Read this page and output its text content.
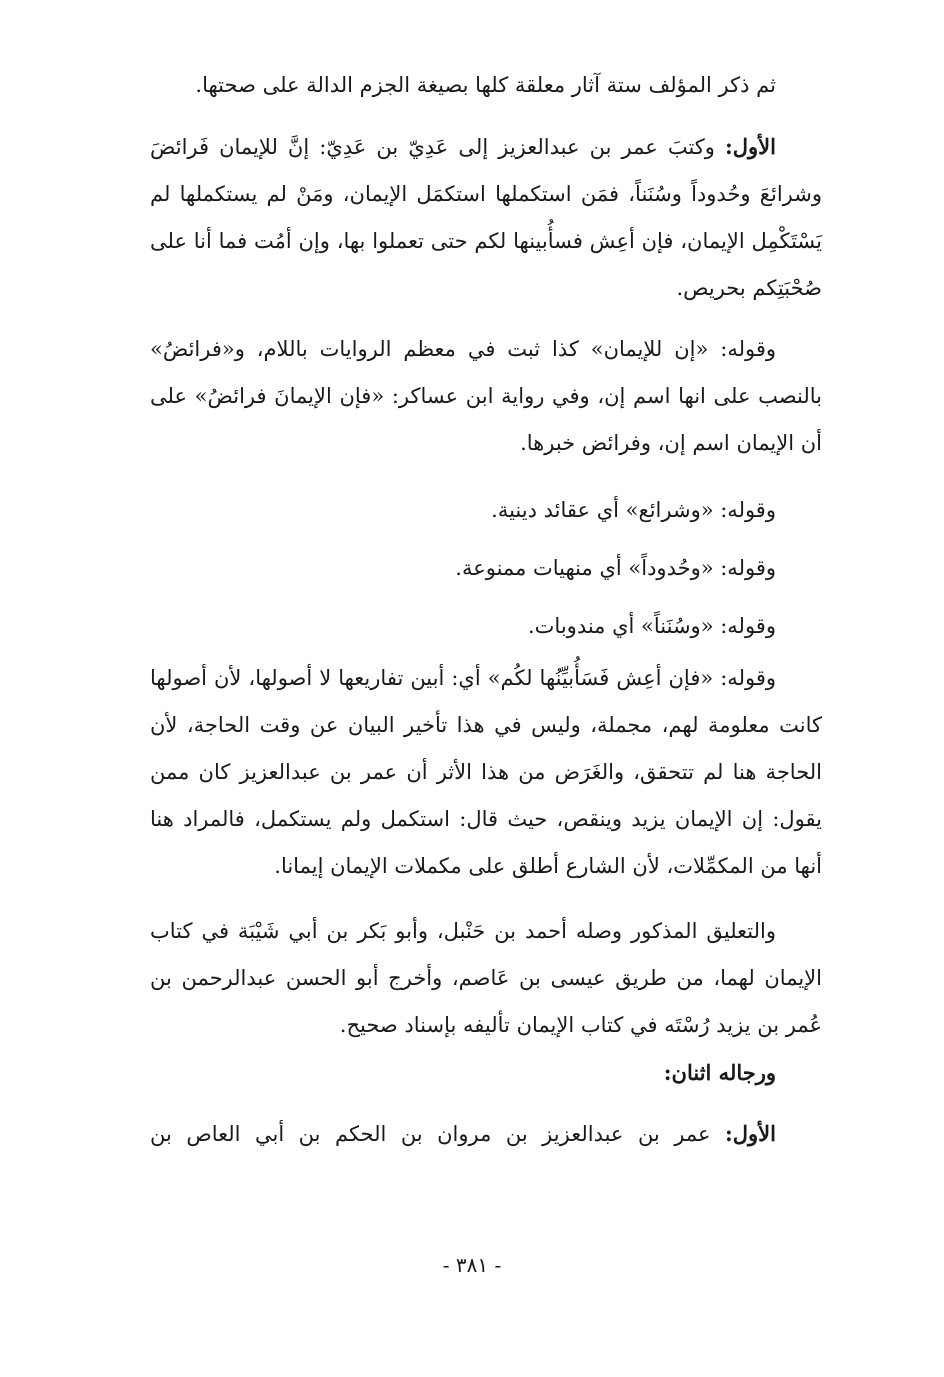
ثم ذكر المؤلف ستة آثار معلقة كلها بصيغة الجزم الدالة على صحتها.

الأول: وكتبَ عمر بن عبدالعزيز إلى عَدِيّ بن عَدِيّ: إنَّ للإيمان فَرائضَ وشرائعَ وحُدوداً وسُنَناً، فمَن استكملها استكمَل الإيمان، ومَنْ لم يستكملها لم يَسْتَكْمِل الإيمان، فإن أعِش فسأُبينها لكم حتى تعملوا بها، وإن أمُت فما أنا على صُحْبَتِكم بحريص.

وقوله: «إن للإيمان» كذا ثبت في معظم الروايات باللام، و«فرائضُ» بالنصب على انها اسم إن، وفي رواية ابن عساكر: «فإن الإيمانَ فرائضُ» على أن الإيمان اسم إن، وفرائض خبرها.

وقوله: «وشرائع» أي عقائد دينية.

وقوله: «وحُدوداً» أي منهيات ممنوعة.

وقوله: «وسُنَناً» أي مندوبات.

وقوله: «فإن أعِش فَسَأُبيِّنُها لكُم» أي: أبين تفاريعها لا أصولها، لأن أصولها كانت معلومة لهم، مجملة، وليس في هذا تأخير البيان عن وقت الحاجة، لأن الحاجة هنا لم تتحقق، والغَرَض من هذا الأثر أن عمر بن عبدالعزيز كان ممن يقول: إن الإيمان يزيد وينقص، حيث قال: استكمل ولم يستكمل، فالمراد هنا أنها من المكمِّلات، لأن الشارع أطلق على مكملات الإيمان إيمانا.

والتعليق المذكور وصله أحمد بن حَنْبل، وأبو بَكر بن أبي شَيْبَة في كتاب الإيمان لهما، من طريق عيسى بن عَاصم، وأخرج أبو الحسن عبدالرحمن بن عُمر بن يزيد رُسْتَه في كتاب الإيمان تأليفه بإسناد صحيح.

ورجاله اثنان:

الأول: عمر بن عبدالعزيز بن مروان بن الحكم بن أبي العاص بن

- ٣٨١ -
